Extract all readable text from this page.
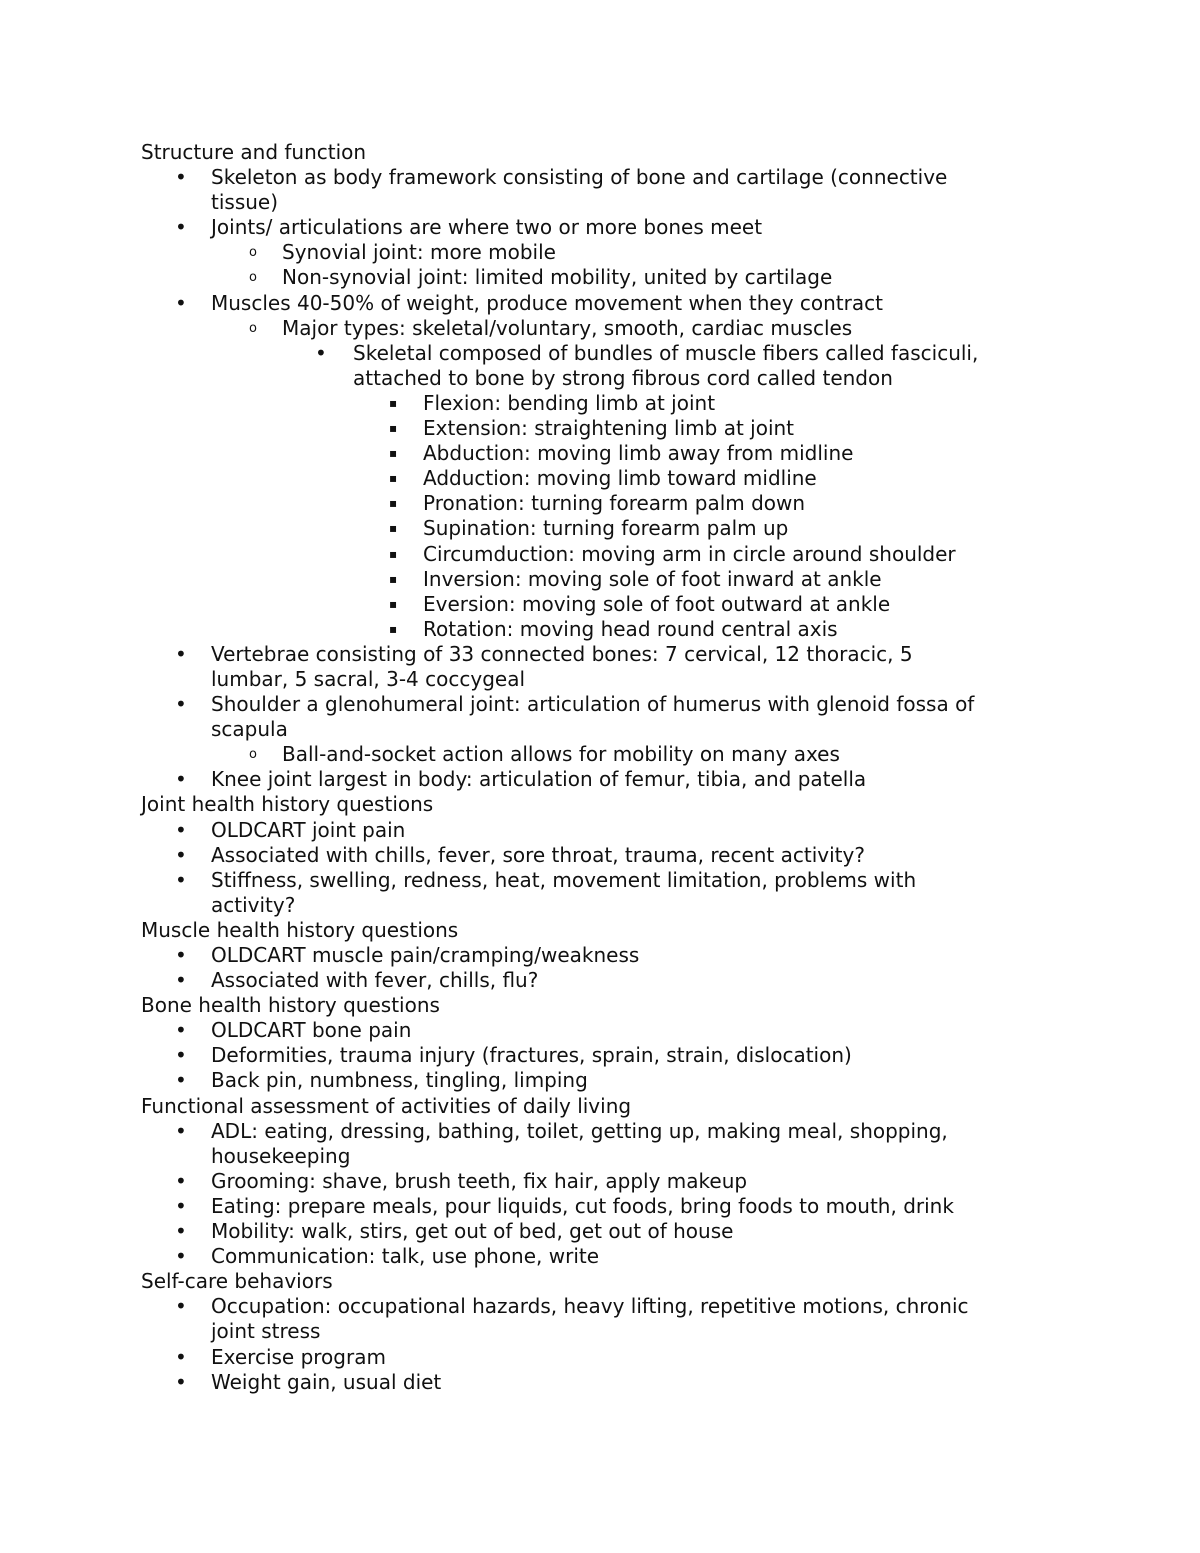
Structure and function
• Skeleton as body framework consisting of bone and cartilage (connective
tissue)
• Joints/ articulations are where two or more bones meet
o Synovial joint: more mobile
o Non-synovial joint: limited mobility, united by cartilage
• Muscles 40-50% of weight, produce movement when they contract
o Major types: skeletal/voluntary, smooth, cardiac muscles
• Skeletal composed of bundles of muscle fibers called fasciculi,
attached to bone by strong fibrous cord called tendon
▪ Flexion: bending limb at joint
▪ Extension: straightening limb at joint
▪ Abduction: moving limb away from midline
▪ Adduction: moving limb toward midline
▪ Pronation: turning forearm palm down
▪ Supination: turning forearm palm up
▪ Circumduction: moving arm in circle around shoulder
▪ Inversion: moving sole of foot inward at ankle
▪ Eversion: moving sole of foot outward at ankle
▪ Rotation: moving head round central axis
• Vertebrae consisting of 33 connected bones: 7 cervical, 12 thoracic, 5
lumbar, 5 sacral, 3-4 coccygeal
• Shoulder a glenohumeral joint: articulation of humerus with glenoid fossa of
scapula
o Ball-and-socket action allows for mobility on many axes
• Knee joint largest in body: articulation of femur, tibia, and patella
Joint health history questions
• OLDCART joint pain
• Associated with chills, fever, sore throat, trauma, recent activity?
• Stiffness, swelling, redness, heat, movement limitation, problems with
activity?
Muscle health history questions
• OLDCART muscle pain/cramping/weakness
• Associated with fever, chills, flu?
Bone health history questions
• OLDCART bone pain
• Deformities, trauma injury (fractures, sprain, strain, dislocation)
• Back pin, numbness, tingling, limping
Functional assessment of activities of daily living
• ADL: eating, dressing, bathing, toilet, getting up, making meal, shopping,
housekeeping
• Grooming: shave, brush teeth, fix hair, apply makeup
• Eating: prepare meals, pour liquids, cut foods, bring foods to mouth, drink
• Mobility: walk, stirs, get out of bed, get out of house
• Communication: talk, use phone, write
Self-care behaviors
• Occupation: occupational hazards, heavy lifting, repetitive motions, chronic
joint stress
• Exercise program
• Weight gain, usual diet
